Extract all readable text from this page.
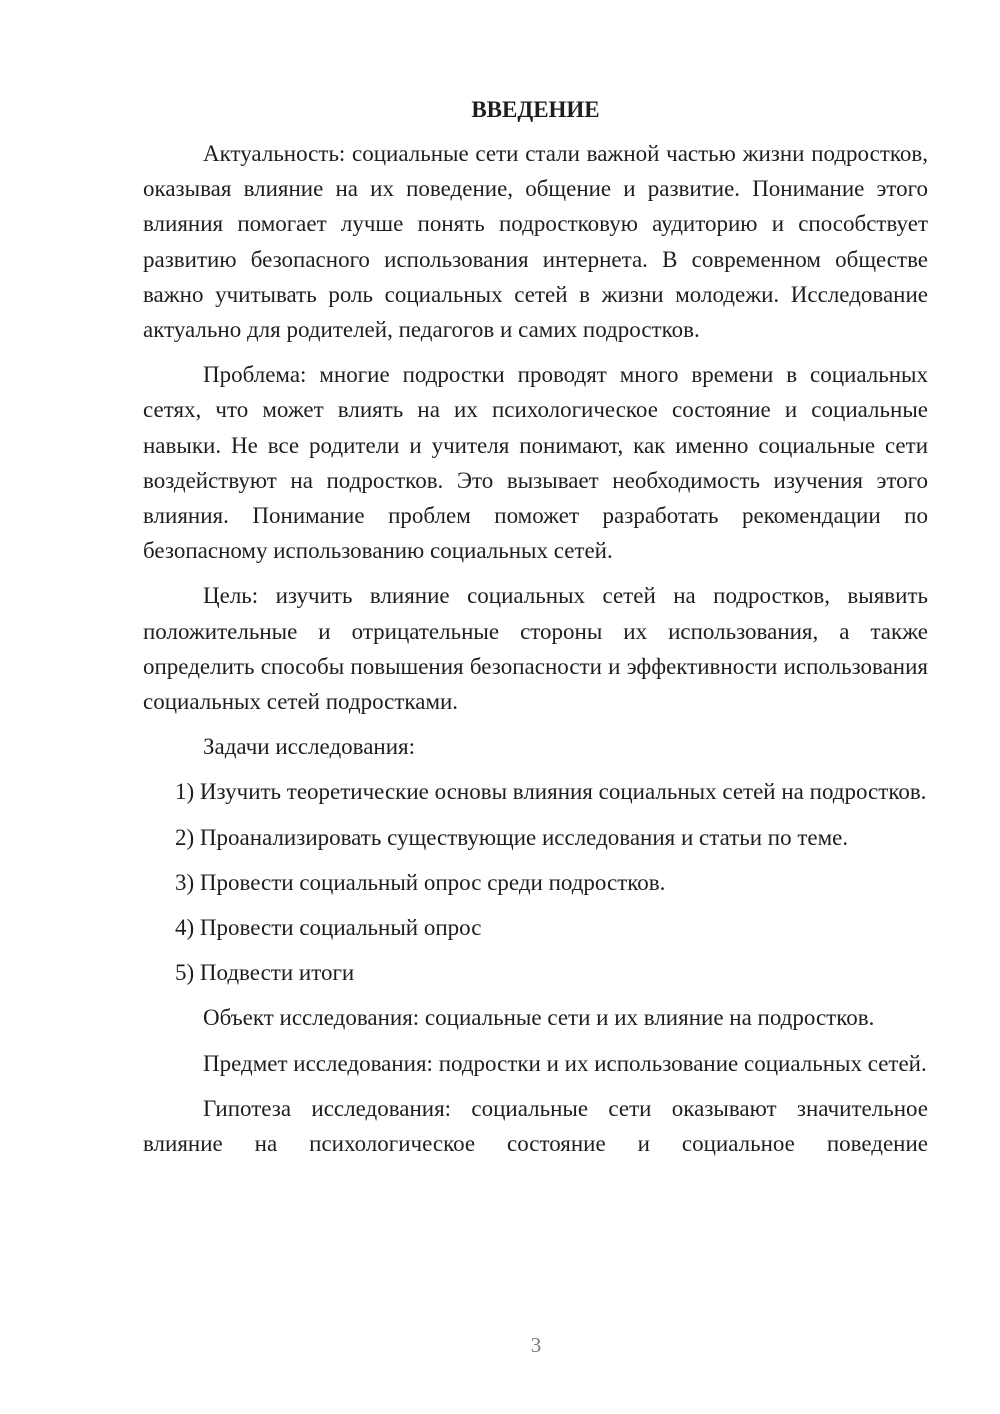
ВВЕДЕНИЕ

Актуальность: социальные сети стали важной частью жизни подростков, оказывая влияние на их поведение, общение и развитие. Понимание этого влияния помогает лучше понять подростковую аудиторию и способствует развитию безопасного использования интернета. В современном обществе важно учитывать роль социальных сетей в жизни молодежи. Исследование актуально для родителей, педагогов и самих подростков.

Проблема: многие подростки проводят много времени в социальных сетях, что может влиять на их психологическое состояние и социальные навыки. Не все родители и учителя понимают, как именно социальные сети воздействуют на подростков. Это вызывает необходимость изучения этого влияния. Понимание проблем поможет разработать рекомендации по безопасному использованию социальных сетей.

Цель: изучить влияние социальных сетей на подростков, выявить положительные и отрицательные стороны их использования, а также определить способы повышения безопасности и эффективности использования социальных сетей подростками.

Задачи исследования:

1) Изучить теоретические основы влияния социальных сетей на подростков.

2) Проанализировать существующие исследования и статьи по теме.

3) Провести социальный опрос среди подростков.

4) Провести социальный опрос

5) Подвести итоги

Объект исследования: социальные сети и их влияние на подростков.

Предмет исследования: подростки и их использование социальных сетей.

Гипотеза исследования: социальные сети оказывают значительное влияние на психологическое состояние и социальное поведение

3
